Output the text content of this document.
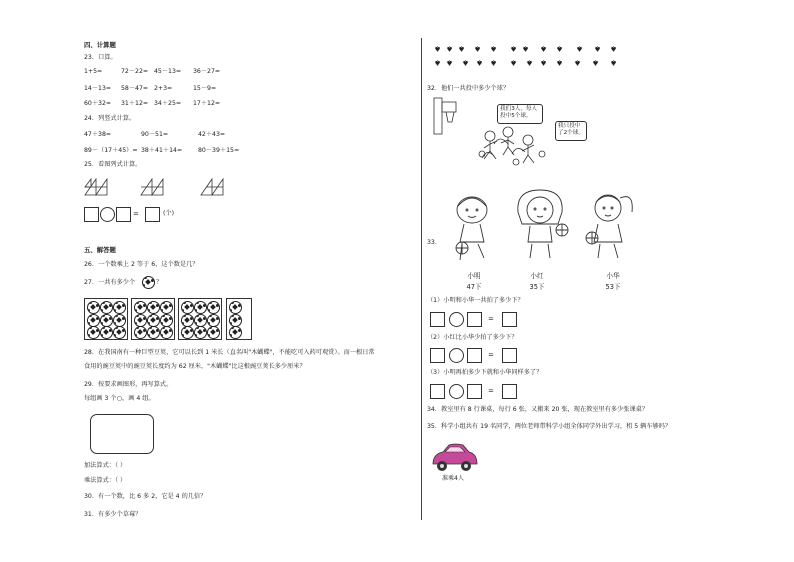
四、计算题
23．口算。
1+5=	72－22= 45－13= 36－27=
14－13= 58－47= 2+3=	15－9=
60＋32= 31＋12= 34＋25= 17＋12=
24．列竖式计算。
47＋38=	90－51=	42＋43=
89－（17＋45）= 38＋41＋14=	80－39＋15=
25．看图列式计算。
=	(个)
五、解答题
26．一个数乘上 2 等于 6，这个数是几？
27．一共有多少个	？
28．在我国南有一种巨型豆荚，它可以长到 1 米长（直名叫"木蝴蝶"，不能吃可入药可观赏）。而一根日常
食用的豌豆荚中的豌豆荚长度约为 62 厘米，"木蝴蝶"比这根豌豆荚长多少厘米？
29．按要求画图形，再写算式。
每组画 3 个○，画 4 组。
加法算式：（ ）
乘法算式：（ ）
30．有一个数，比 6 多 2，它是 4 的几倍？
31．有多少个草莓？
♠ ♠ ♠ ♠ ♠ ♠ ♠ ♠ ♠ ♠ ♠ ♠
♠ ♠ ♠ ♠ ♠ ♠ ♠ ♠ ♠ ♠ ♠ ♠
32．他们一共投中多少个球？
我们3人，每人投中5个球。
我只投中了2个球。
33．
小明
47下
小红
35下
小华
53下
（1）小明和小华一共拍了多少下？
=
（2）小红比小华少拍了多少下？
=
（3）小明再拍多少下就和小华同样多了？
=
34．教室里有 8 行课桌，每行 6 张，又搬来 20 张，现在教室里有多少张课桌？
35．科学小组共有 19 名同学，两位老师带科学小组全体同学外出学习，租 5 辆车够吗？
准乘4人
